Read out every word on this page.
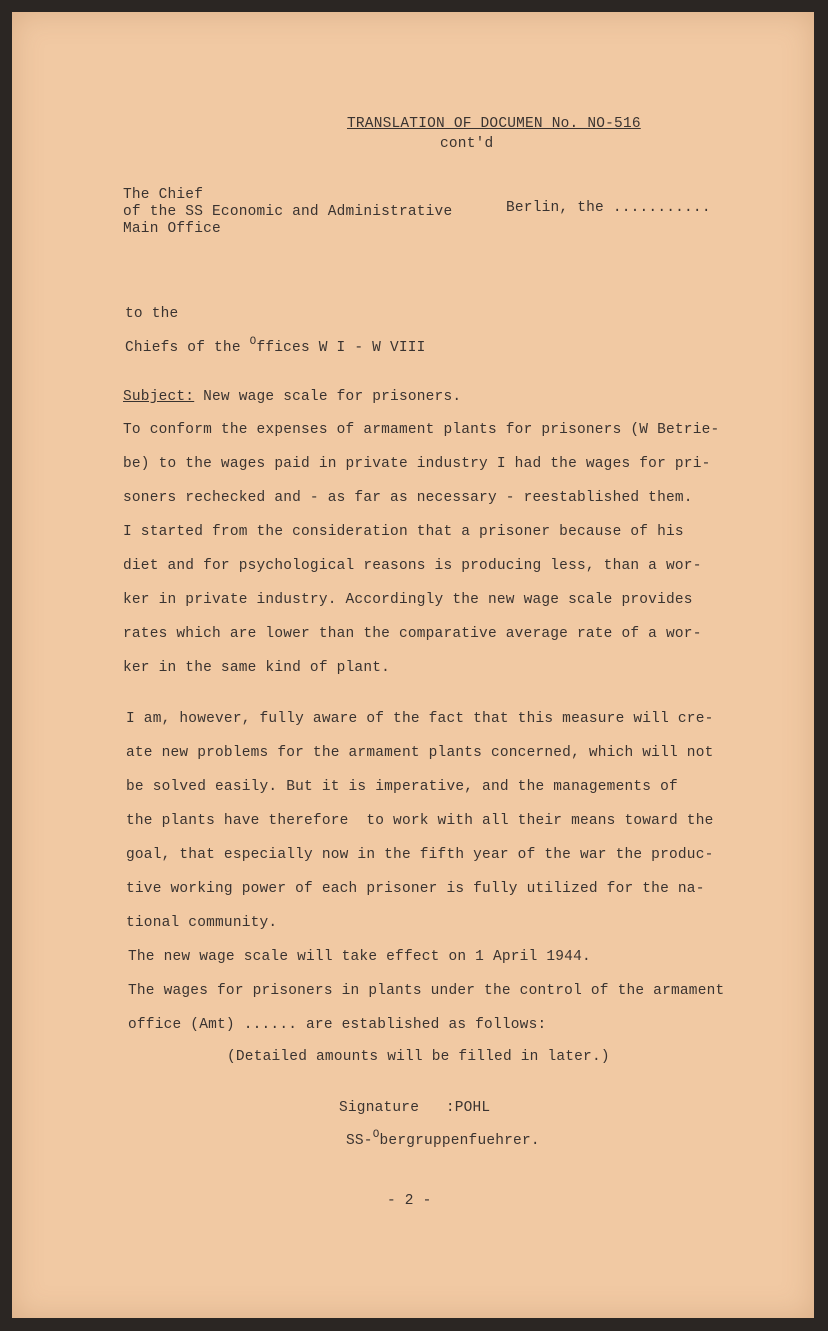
TRANSLATION OF DOCUMEN No. NO-516
cont'd
The Chief
of the SS Economic and Administrative
Main Office
Berlin, the ...........
to the
Chiefs of the $^O$ffices W I - W VIII
Subject: New wage scale for prisoners.
To conform the expenses of armament plants for prisoners (W Betrie-
be) to the wages paid in private industry I had the wages for pri-
soners rechecked and - as far as necessary - reestablished them.
I started from the consideration that a prisoner because of his
diet and for psychological reasons is producing less, than a wor-
ker in private industry. Accordingly the new wage scale provides
rates which are lower than the comparative average rate of a wor-
ker in the same kind of plant.
I am, however, fully aware of the fact that this measure will cre-
ate new problems for the armament plants concerned, which will not
be solved easily. But it is imperative, and the managements of
the plants have therefore  to work with all their means toward the
goal, that especially now in the fifth year of the war the produc-
tive working power of each prisoner is fully utilized for the na-
tional community.
The new wage scale will take effect on 1 April 1944.
The wages for prisoners in plants under the control of the armament
office (Amt) ...... are established as follows:
(Detailed amounts will be filled in later.)
Signature   :POHL
SS-$^O$bergruppenfuehrer.
- 2 -
